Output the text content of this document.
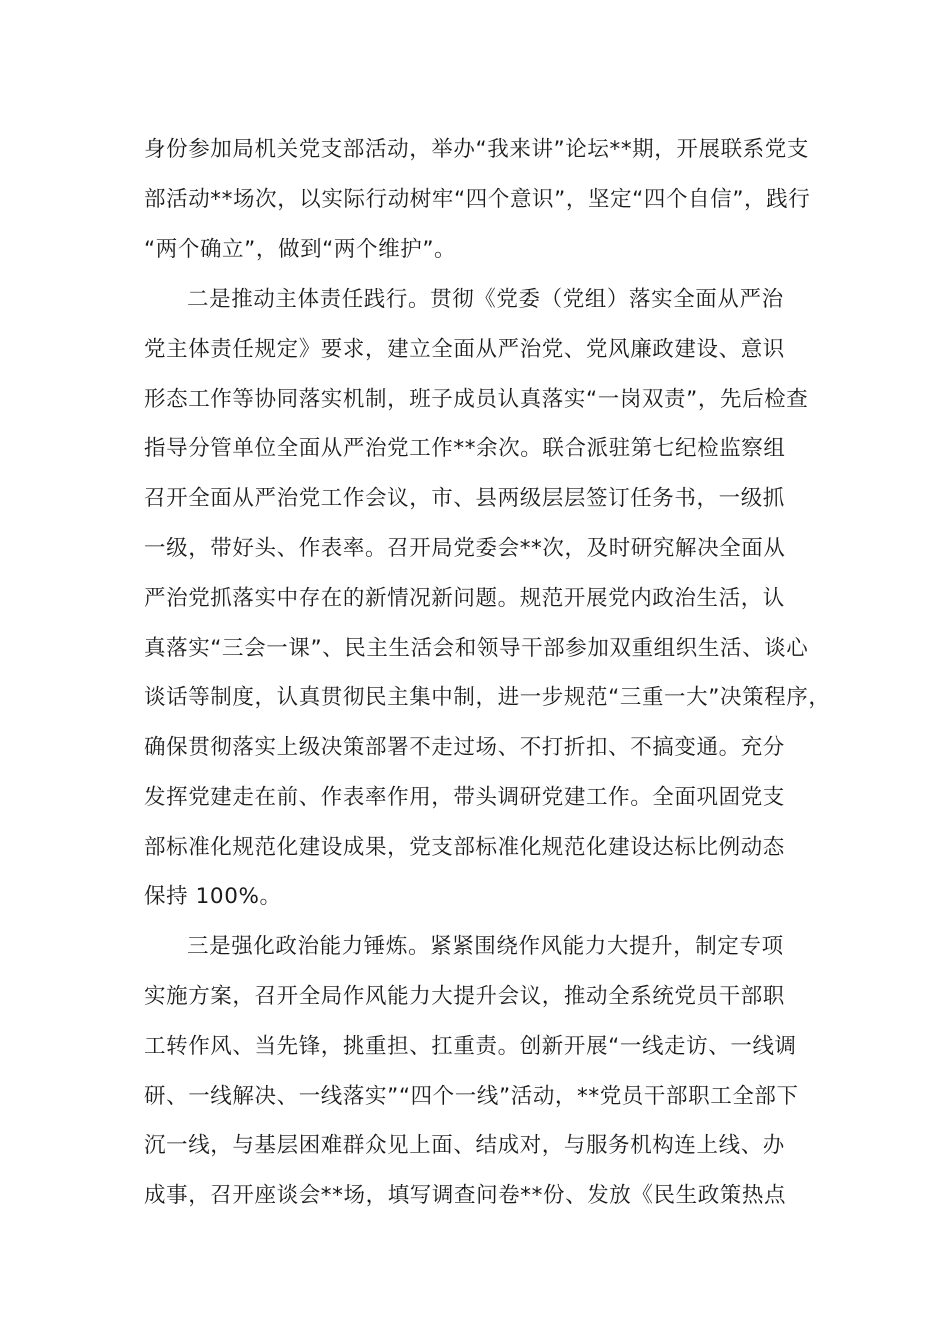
身份参加局机关党支部活动，举办“我来讲”论坛**期，开展联系党支
部活动**场次，以实际行动树牢“四个意识”，坚定“四个自信”，践行
“两个确立”，做到“两个维护”。
二是推动主体责任践行。贯彻《党委（党组）落实全面从严治
党主体责任规定》要求，建立全面从严治党、党风廉政建设、意识
形态工作等协同落实机制，班子成员认真落实“一岗双责”，先后检查
指导分管单位全面从严治党工作**余次。联合派驻第七纪检监察组
召开全面从严治党工作会议，市、县两级层层签订任务书，一级抓
一级，带好头、作表率。召开局党委会**次，及时研究解决全面从
严治党抓落实中存在的新情况新问题。规范开展党内政治生活，认
真落实“三会一课”、民主生活会和领导干部参加双重组织生活、谈心
谈话等制度，认真贯彻民主集中制，进一步规范“三重一大”决策程序，
确保贯彻落实上级决策部署不走过场、不打折扣、不搞变通。充分
发挥党建走在前、作表率作用，带头调研党建工作。全面巩固党支
部标准化规范化建设成果，党支部标准化规范化建设达标比例动态
保持 100%。
三是强化政治能力锤炼。紧紧围绕作风能力大提升，制定专项
实施方案，召开全局作风能力大提升会议，推动全系统党员干部职
工转作风、当先锋，挑重担、扛重责。创新开展“一线走访、一线调
研、一线解决、一线落实”“四个一线”活动，**党员干部职工全部下
沉一线，与基层困难群众见上面、结成对，与服务机构连上线、办
成事，召开座谈会**场，填写调查问卷**份、发放《民生政策热点
